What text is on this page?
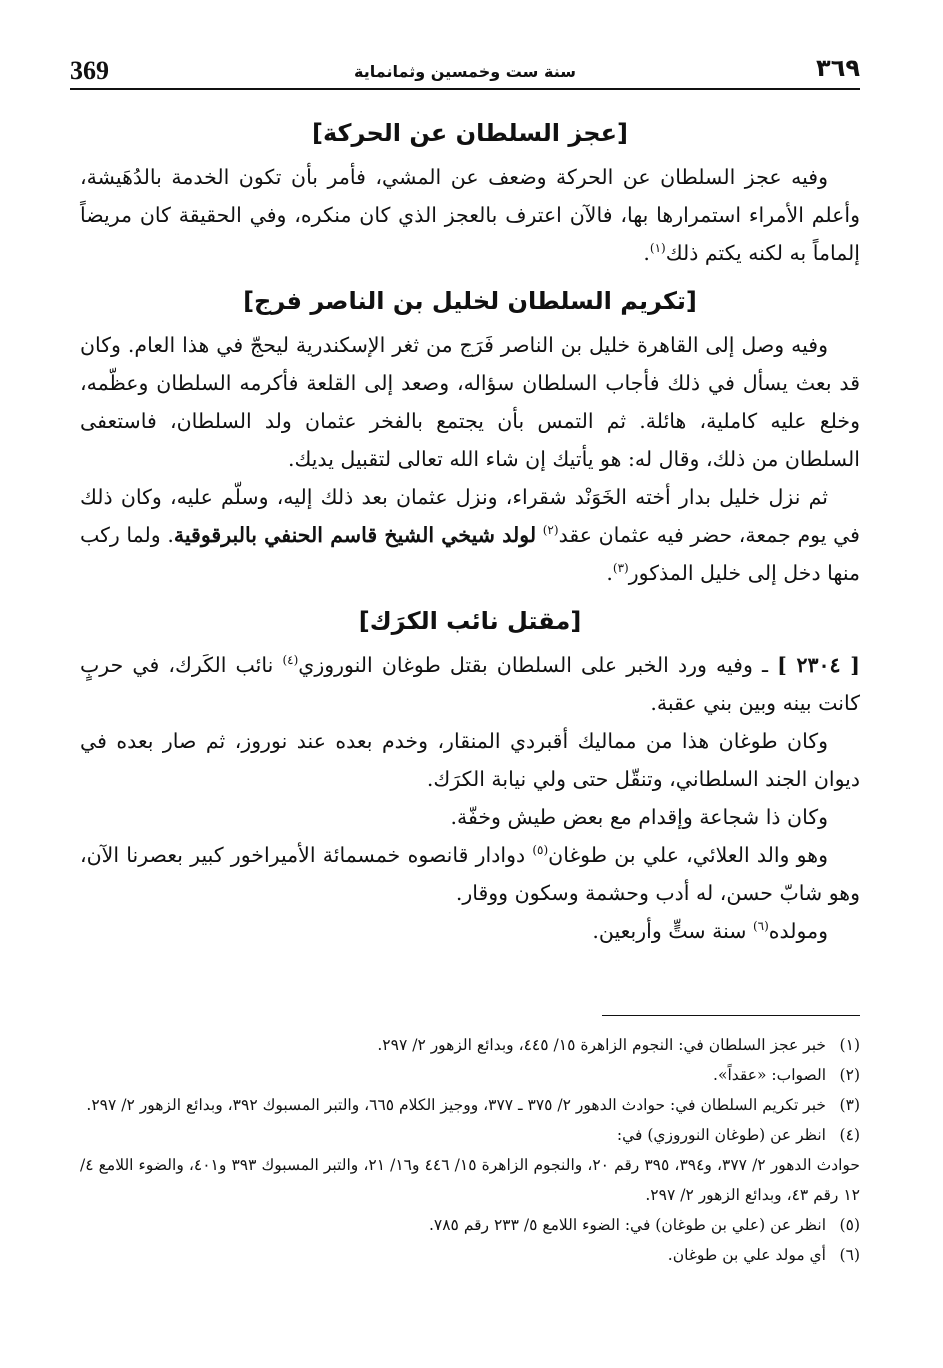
369	سنة ست وخمسين وثمانماية	٣٦٩
[عجز السلطان عن الحركة]

وفيه عجز السلطان عن الحركة وضعف عن المشي، فأمر بأن تكون الخدمة بالدُهَيشة، وأعلم الأمراء استمرارها بها، فالآن اعترف بالعجز الذي كان منكره، وفي الحقيقة كان مريضاً إلماماً به لكنه يكتم ذلك$^{(١)}$.

[تكريم السلطان لخليل بن الناصر فرج]

وفيه وصل إلى القاهرة خليل بن الناصر فَرَج من ثغر الإسكندرية ليحجّ في هذا العام. وكان قد بعث يسأل في ذلك فأجاب السلطان سؤاله، وصعد إلى القلعة فأكرمه السلطان وعظّمه، وخلع عليه كاملية، هائلة. ثم التمس بأن يجتمع بالفخر عثمان ولد السلطان، فاستعفى السلطان من ذلك، وقال له: هو يأتيك إن شاء الله تعالى لتقبيل يديك.

ثم نزل خليل بدار أخته الخَوَنْد شقراء، ونزل عثمان بعد ذلك إليه، وسلّم عليه، وكان ذلك في يوم جمعة، حضر فيه عثمان عقد$^{(٢)}$ لولد شيخي الشيخ قاسم الحنفي بالبرقوقية. ولما ركب منها دخل إلى خليل المذكور$^{(٣)}$.

[مقتل نائب الكرَك]

[ ٢٣٠٤ ] ـ وفيه ورد الخبر على السلطان بقتل طوغان النوروزي$^{(٤)}$ نائب الكَرك، في حربٍ كانت بينه وبين بني عقبة.

وكان طوغان هذا من مماليك أقبردي المنقار، وخدم بعده عند نوروز، ثم صار بعده في ديوان الجند السلطاني، وتنقّل حتى ولي نيابة الكرَك.

وكان ذا شجاعة وإقدام مع بعض طيش وخفّة.

وهو والد العلائي، علي بن طوغان$^{(٥)}$ دوادار قانصوه خمسمائة الأميراخور كبير بعصرنا الآن، وهو شابّ حسن، له أدب وحشمة وسكون ووقار.

ومولده$^{(٦)}$ سنة ستٍّ وأربعين.

(١)
خبر عجز السلطان في: النجوم الزاهرة ١٥/ ٤٤٥، وبدائع الزهور ٢/ ٢٩٧.
(٢)
الصواب: «عقداً».
(٣)
خبر تكريم السلطان في: حوادث الدهور ٢/ ٣٧٥ ـ ٣٧٧، ووجيز الكلام ٦٦٥، والتبر المسبوك ٣٩٢، وبدائع الزهور ٢/ ٢٩٧.
(٤)
انظر عن (طوغان النوروزي) في:
حوادث الدهور ٢/ ٣٧٧، و٣٩٤، ٣٩٥ رقم ٢٠، والنجوم الزاهرة ١٥/ ٤٤٦ و١٦/ ٢١، والتبر المسبوك ٣٩٣ و٤٠١، والضوء اللامع ٤/ ١٢ رقم ٤٣، وبدائع الزهور ٢/ ٢٩٧.
(٥)
انظر عن (علي بن طوغان) في: الضوء اللامع ٥/ ٢٣٣ رقم ٧٨٥.
(٦)
أي مولد علي بن طوغان.
